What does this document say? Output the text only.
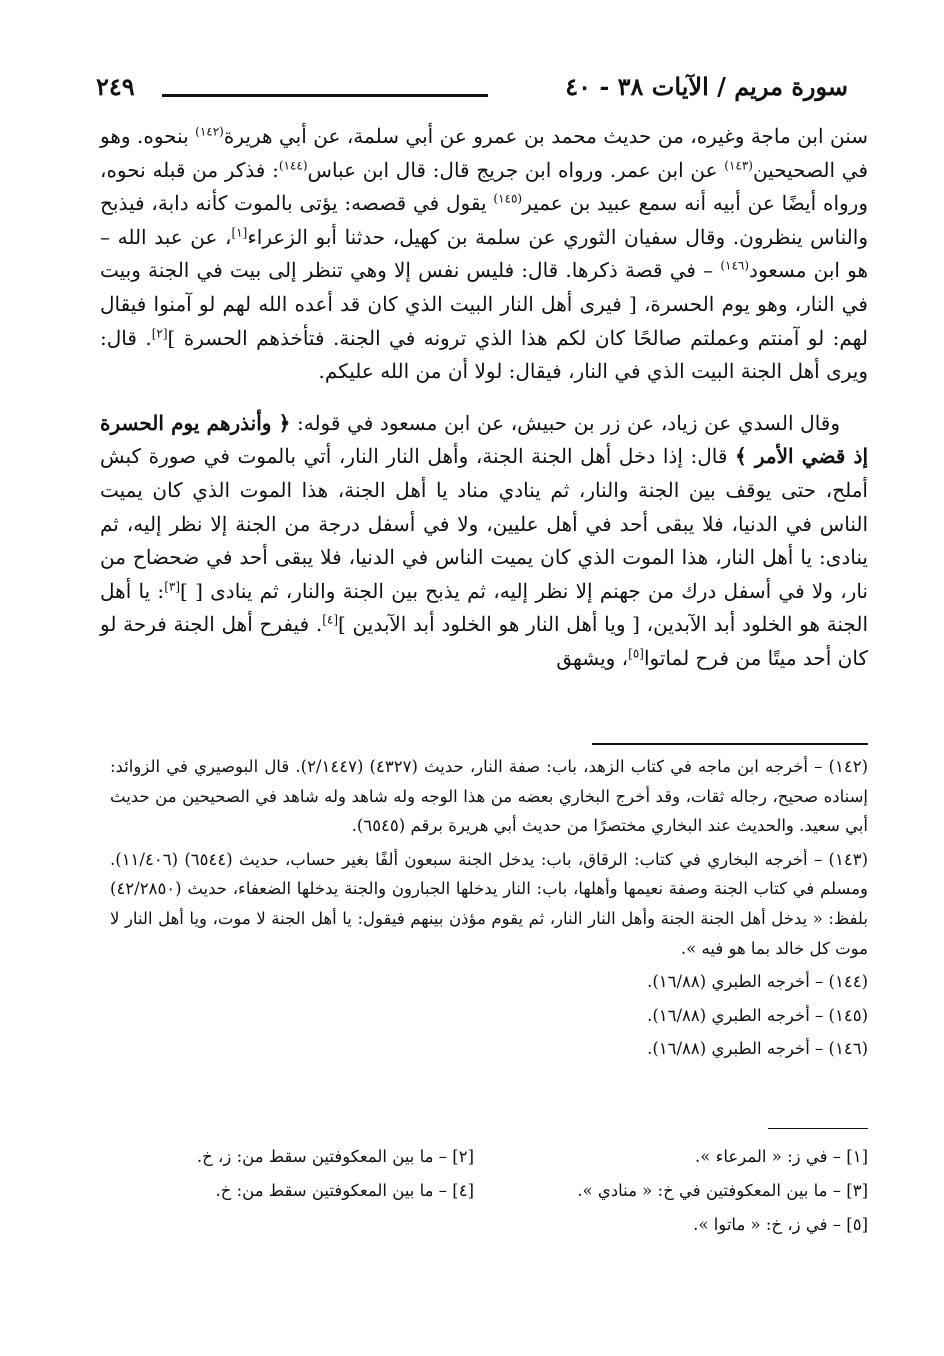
سورة مريم / الآيات ٣٨ - ٤٠
٢٤٩

سنن ابن ماجة وغيره، من حديث محمد بن عمرو عن أبي سلمة، عن أبي هريرة$^{(١٤٢)}$ بنحوه. وهو في الصحيحين$^{(١٤٣)}$ عن ابن عمر. ورواه ابن جريج قال: قال ابن عباس$^{(١٤٤)}$: فذكر من قبله نحوه، ورواه أيضًا عن أبيه أنه سمع عبيد بن عمير$^{(١٤٥)}$ يقول في قصصه: يؤتى بالموت كأنه دابة، فيذبح والناس ينظرون. وقال سفيان الثوري عن سلمة بن كهيل، حدثنا أبو الزعراء[١]، عن عبد الله – هو ابن مسعود$^{(١٤٦)}$ – في قصة ذكرها. قال: فليس نفس إلا وهي تنظر إلى بيت في الجنة وبيت في النار، وهو يوم الحسرة، [ فيرى أهل النار البيت الذي كان قد أعده الله لهم لو آمنوا فيقال لهم: لو آمنتم وعملتم صالحًا كان لكم هذا الذي ترونه في الجنة. فتأخذهم الحسرة ][٢]. قال: ويرى أهل الجنة البيت الذي في النار، فيقال: لولا أن من الله عليكم.

وقال السدي عن زياد، عن زر بن حبيش، عن ابن مسعود في قوله: ﴿ وأنذرهم يوم الحسرة إذ قضي الأمر ﴾ قال: إذا دخل أهل الجنة الجنة، وأهل النار النار، أتي بالموت في صورة كبش أملح، حتى يوقف بين الجنة والنار، ثم ينادي مناد يا أهل الجنة، هذا الموت الذي كان يميت الناس في الدنيا، فلا يبقى أحد في أهل عليين، ولا في أسفل درجة من الجنة إلا نظر إليه، ثم ينادى: يا أهل النار، هذا الموت الذي كان يميت الناس في الدنيا، فلا يبقى أحد في ضحضاح من نار، ولا في أسفل درك من جهنم إلا نظر إليه، ثم يذبح بين الجنة والنار، ثم ينادى [ ][٣]: يا أهل الجنة هو الخلود أبد الآبدين، [ ويا أهل النار هو الخلود أبد الآبدين ][٤]. فيفرح أهل الجنة فرحة لو كان أحد ميتًا من فرح لماتوا[٥]، ويشهق

(١٤٢) – أخرجه ابن ماجه في كتاب الزهد، باب: صفة النار، حديث (٤٣٢٧) (٢/١٤٤٧). قال البوصيري في الزوائد: إسناده صحيح، رجاله ثقات، وقد أخرج البخاري بعضه من هذا الوجه وله شاهد وله شاهد في الصحيحين من حديث أبي سعيد. والحديث عند البخاري مختصرًا من حديث أبي هريرة برقم (٦٥٤٥).

(١٤٣) – أخرجه البخاري في كتاب: الرقاق، باب: يدخل الجنة سبعون ألفًا بغير حساب، حديث (٦٥٤٤) (١١/٤٠٦). ومسلم في كتاب الجنة وصفة نعيمها وأهلها، باب: النار يدخلها الجبارون والجنة يدخلها الضعفاء، حديث (٤٢/٢٨٥٠) بلفظ: « يدخل أهل الجنة الجنة وأهل النار النار، ثم يقوم مؤذن بينهم فيقول: يا أهل الجنة لا موت، ويا أهل النار لا موت كل خالد بما هو فيه ».

(١٤٤) – أخرجه الطبري (١٦/٨٨).

(١٤٥) – أخرجه الطبري (١٦/٨٨).

(١٤٦) – أخرجه الطبري (١٦/٨٨).

[١] – في ز: « المرعاء ».
[٢] – ما بين المعكوفتين سقط من: ز، خ.
[٣] – ما بين المعكوفتين في خ: « منادي ».
[٤] – ما بين المعكوفتين سقط من: خ.
[٥] – في ز، خ: « ماتوا ».
